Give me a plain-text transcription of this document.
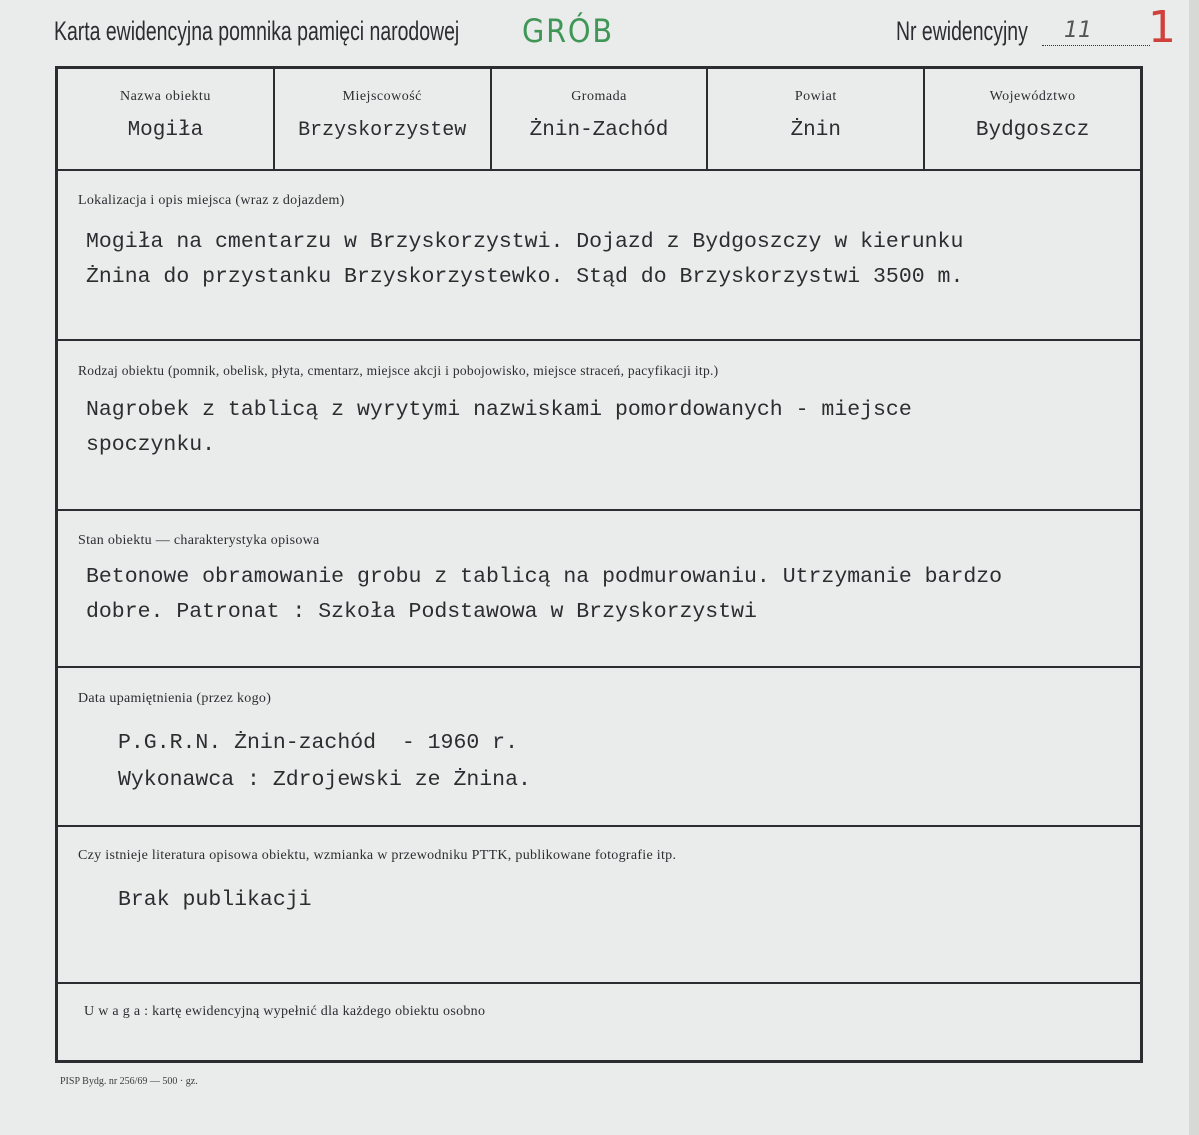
Karta ewidencyjna pomnika pamięci narodowej GRÓB	Nr ewidencyjny 11 1
Nazwa obiektu
Mogiła
Miejscowość
Brzyskorzystew
Gromada
Żnin-Zachód
Powiat
Żnin
Województwo
Bydgoszcz
Lokalizacja i opis miejsca (wraz z dojazdem)
Mogiła na cmentarzu w Brzyskorzystwi. Dojazd z Bydgoszczy w kierunku
Żnina do przystanku Brzyskorzystewko. Stąd do Brzyskorzystwi 3500 m.
Rodzaj obiektu (pomnik, obelisk, płyta, cmentarz, miejsce akcji i pobojowisko, miejsce straceń, pacyfikacji itp.)
Nagrobek z tablicą z wyrytymi nazwiskami pomordowanych - miejsce
spoczynku.
Stan obiektu — charakterystyka opisowa
Betonowe obramowanie grobu z tablicą na podmurowaniu. Utrzymanie bardzo
dobre. Patronat : Szkoła Podstawowa w Brzyskorzystwi
Data upamiętnienia (przez kogo)
P.G.R.N. Żnin-zachód  - 1960 r.
Wykonawca : Zdrojewski ze Żnina.
Czy istnieje literatura opisowa obiektu, wzmianka w przewodniku PTTK, publikowane fotografie itp.
Brak publikacji
U w a g a : kartę ewidencyjną wypełnić dla każdego obiektu osobno
PISP Bydg. nr 256/69 — 500 · gz.
